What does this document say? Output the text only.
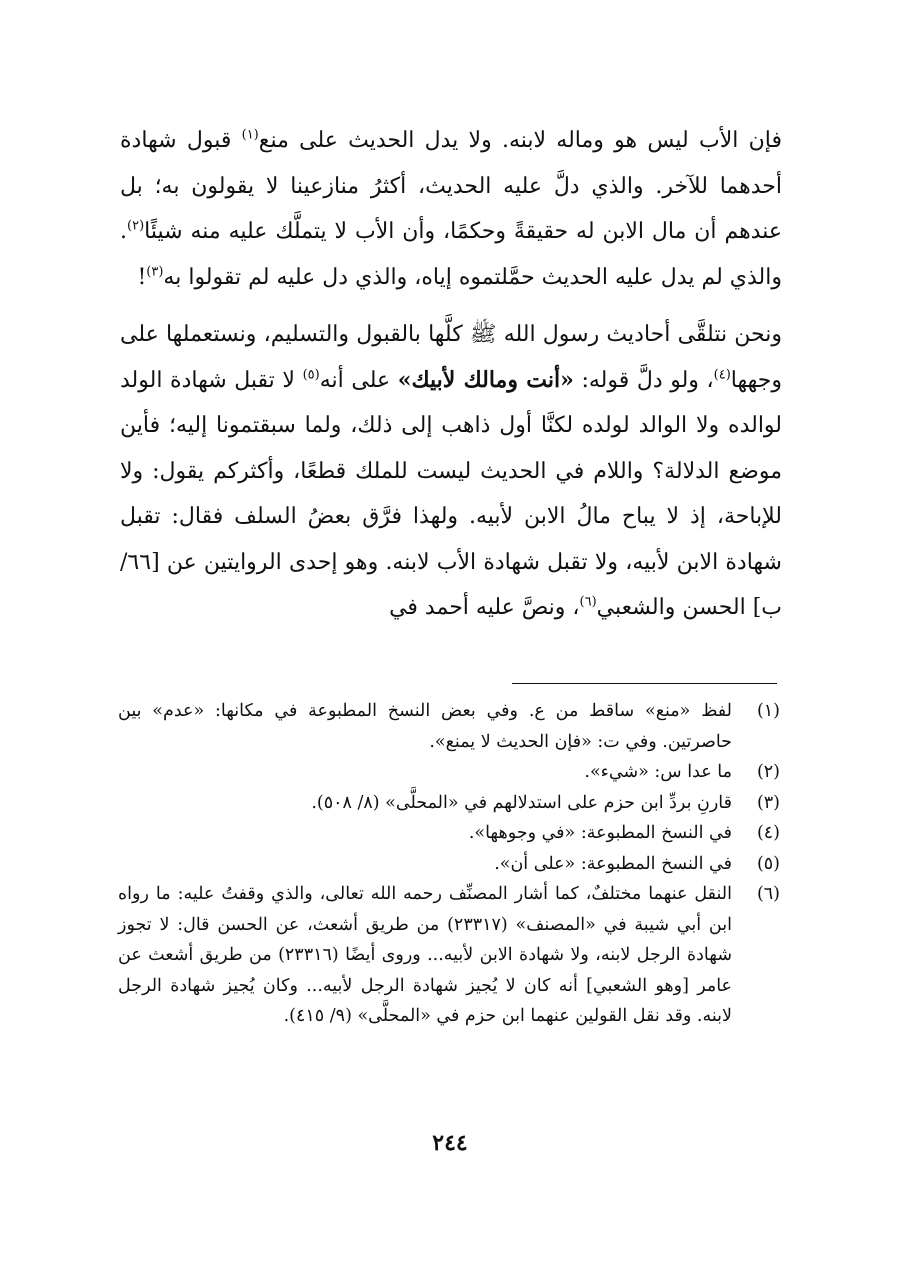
فإن الأب ليس هو وماله لابنه. ولا يدل الحديث على منع$^{(١)}$ قبول شهادة أحدهما للآخر. والذي دلَّ عليه الحديث، أكثرُ منازعينا لا يقولون به؛ بل عندهم أن مال الابن له حقيقةً وحكمًا، وأن الأب لا يتملَّك عليه منه شيئًا$^{(٢)}$. والذي لم يدل عليه الحديث حمَّلتموه إياه، والذي دل عليه لم تقولوا به$^{(٣)}$!

ونحن نتلقَّى أحاديث رسول الله ﷺ كلَّها بالقبول والتسليم، ونستعملها على وجهها$^{(٤)}$، ولو دلَّ قوله: «أنت ومالك لأبيك» على أنه$^{(٥)}$ لا تقبل شهادة الولد لوالده ولا الوالد لولده لكنَّا أول ذاهب إلى ذلك، ولما سبقتمونا إليه؛ فأين موضع الدلالة؟ واللام في الحديث ليست للملك قطعًا، وأكثركم يقول: ولا للإباحة، إذ لا يباح مالُ الابن لأبيه. ولهذا فرَّق بعضُ السلف فقال: تقبل شهادة الابن لأبيه، ولا تقبل شهادة الأب لابنه. وهو إحدى الروايتين عن [٦٦/ب] الحسن والشعبي$^{(٦)}$، ونصَّ عليه أحمد في

(١)
لفظ «منع» ساقط من ع. وفي بعض النسخ المطبوعة في مكانها: «عدم» بين حاصرتين. وفي ت: «فإن الحديث لا يمنع».
(٢)
ما عدا س: «شيء».
(٣)
قارنِ بردِّ ابن حزم على استدلالهم في «المحلَّى» (٨/ ٥٠٨).
(٤)
في النسخ المطبوعة: «في وجوهها».
(٥)
في النسخ المطبوعة: «على أن».
(٦)
النقل عنهما مختلفٌ، كما أشار المصنِّف رحمه الله تعالى، والذي وقفتُ عليه: ما رواه ابن أبي شيبة في «المصنف» (٢٣٣١٧) من طريق أشعث، عن الحسن قال: لا تجوز شهادة الرجل لابنه، ولا شهادة الابن لأبيه... وروى أيضًا (٢٣٣١٦) من طريق أشعث عن عامر [وهو الشعبي] أنه كان لا يُجيز شهادة الرجل لأبيه... وكان يُجيز شهادة الرجل لابنه. وقد نقل القولين عنهما ابن حزم في «المحلَّى» (٩/ ٤١٥).
٢٤٤
